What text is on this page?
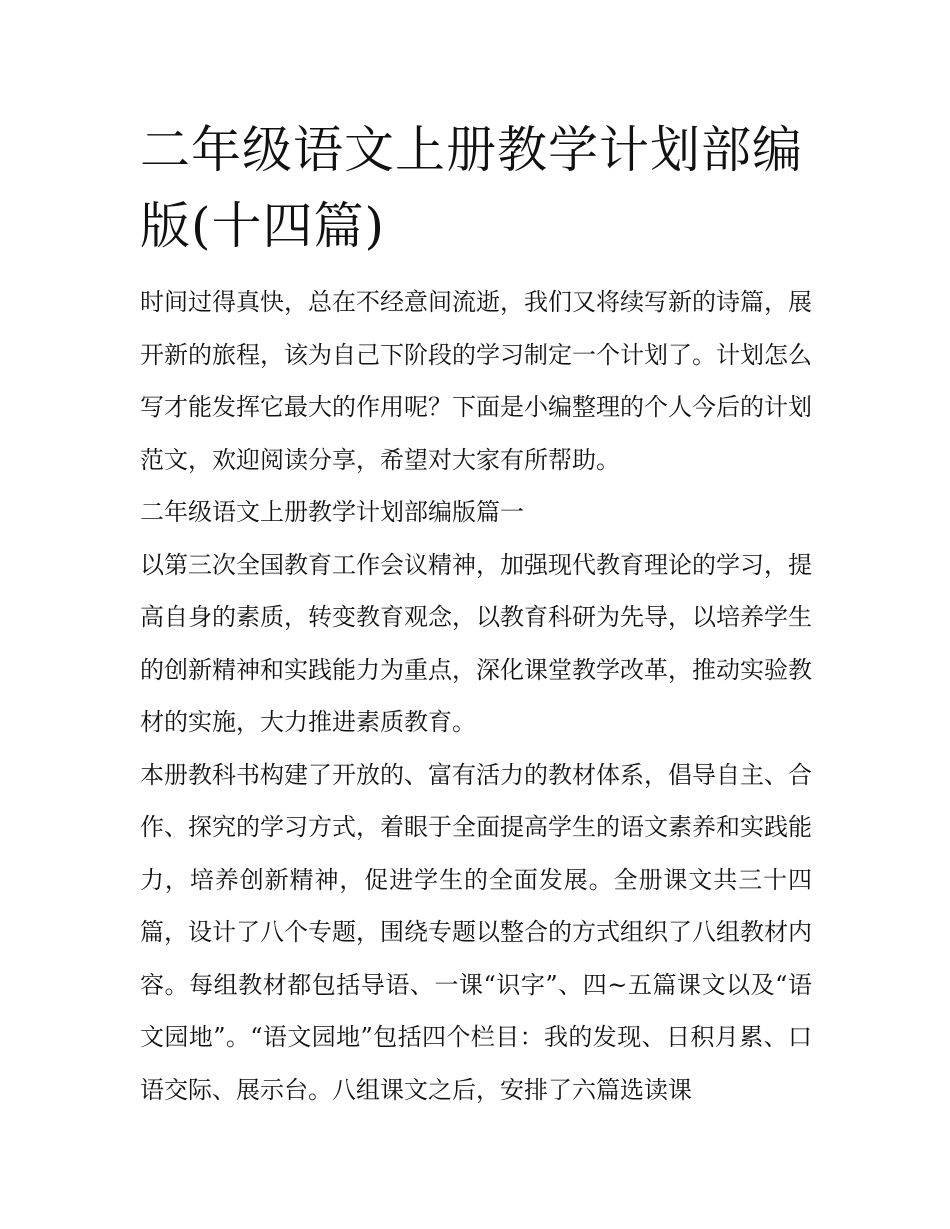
二年级语文上册教学计划部编版(十四篇)

时间过得真快，总在不经意间流逝，我们又将续写新的诗篇，展开新的旅程，该为自己下阶段的学习制定一个计划了。计划怎么写才能发挥它最大的作用呢？下面是小编整理的个人今后的计划范文，欢迎阅读分享，希望对大家有所帮助。

二年级语文上册教学计划部编版篇一

以第三次全国教育工作会议精神，加强现代教育理论的学习，提高自身的素质，转变教育观念，以教育科研为先导，以培养学生的创新精神和实践能力为重点，深化课堂教学改革，推动实验教材的实施，大力推进素质教育。

本册教科书构建了开放的、富有活力的教材体系，倡导自主、合作、探究的学习方式，着眼于全面提高学生的语文素养和实践能力，培养创新精神，促进学生的全面发展。全册课文共三十四篇，设计了八个专题，围绕专题以整合的方式组织了八组教材内容。每组教材都包括导语、一课“识字”、四~五篇课文以及“语文园地”。“语文园地”包括四个栏目：我的发现、日积月累、口语交际、展示台。八组课文之后，安排了六篇选读课
